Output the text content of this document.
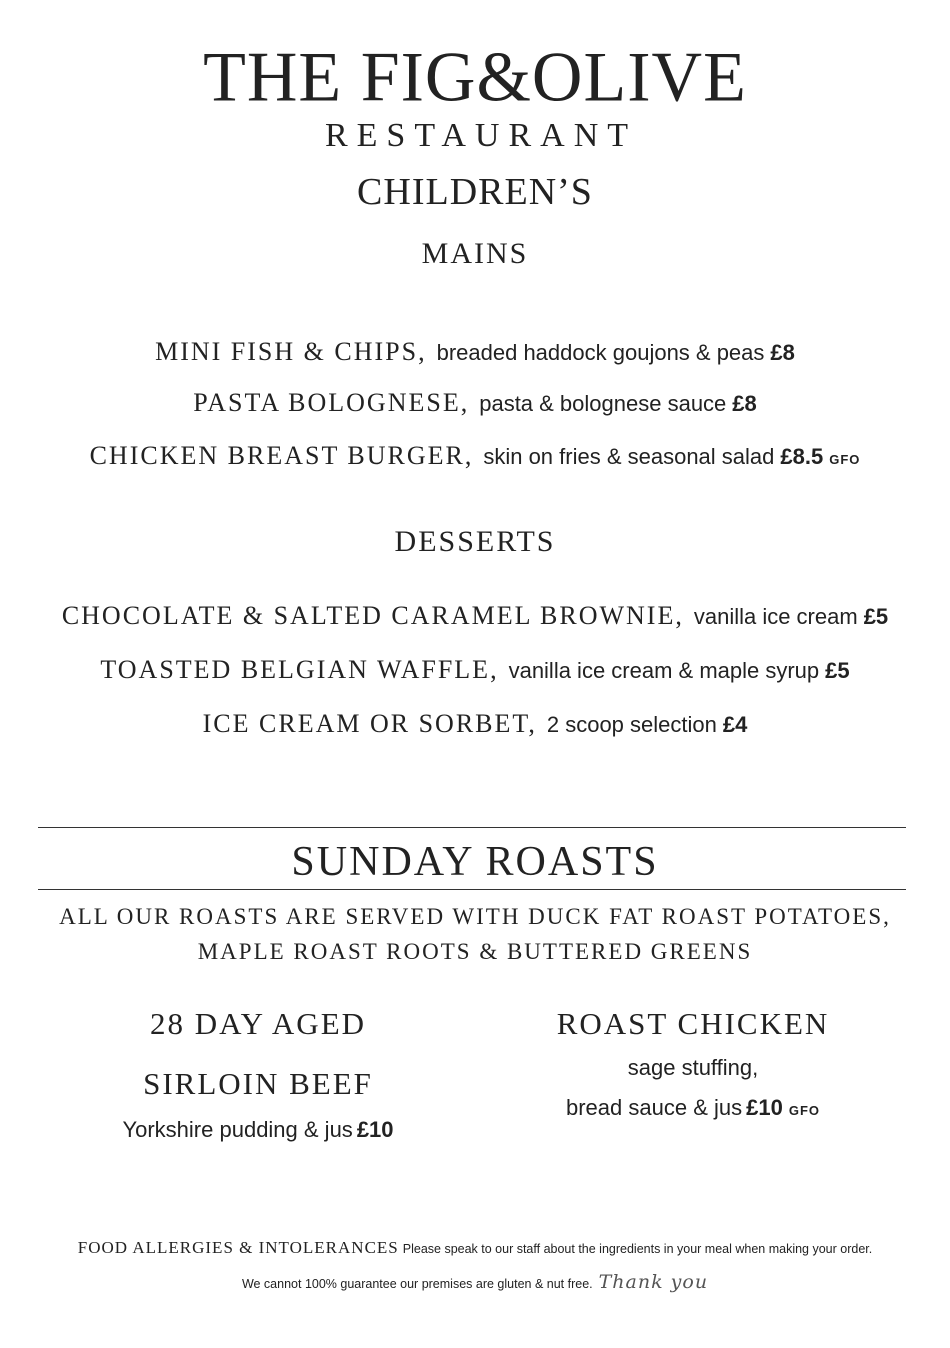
THE FIG&OLIVE
RESTAURANT
CHILDREN’S
MAINS
MINI FISH & CHIPS, breaded haddock goujons & peas £8
PASTA BOLOGNESE, pasta & bolognese sauce £8
CHICKEN BREAST BURGER, skin on fries & seasonal salad £8.5 GFO
DESSERTS
CHOCOLATE & SALTED CARAMEL BROWNIE, vanilla ice cream £5
TOASTED BELGIAN WAFFLE, vanilla ice cream & maple syrup £5
ICE CREAM OR SORBET, 2 scoop selection £4
SUNDAY ROASTS
ALL OUR ROASTS ARE SERVED WITH DUCK FAT ROAST POTATOES,
MAPLE ROAST ROOTS & BUTTERED GREENS
28 DAY AGED
SIRLOIN BEEF
Yorkshire pudding & jus £10
ROAST CHICKEN
sage stuffing,
bread sauce & jus £10 GFO
FOOD ALLERGIES & INTOLERANCES Please speak to our staff about the ingredients in your meal when making your order.
We cannot 100% guarantee our premises are gluten & nut free. Thank you
